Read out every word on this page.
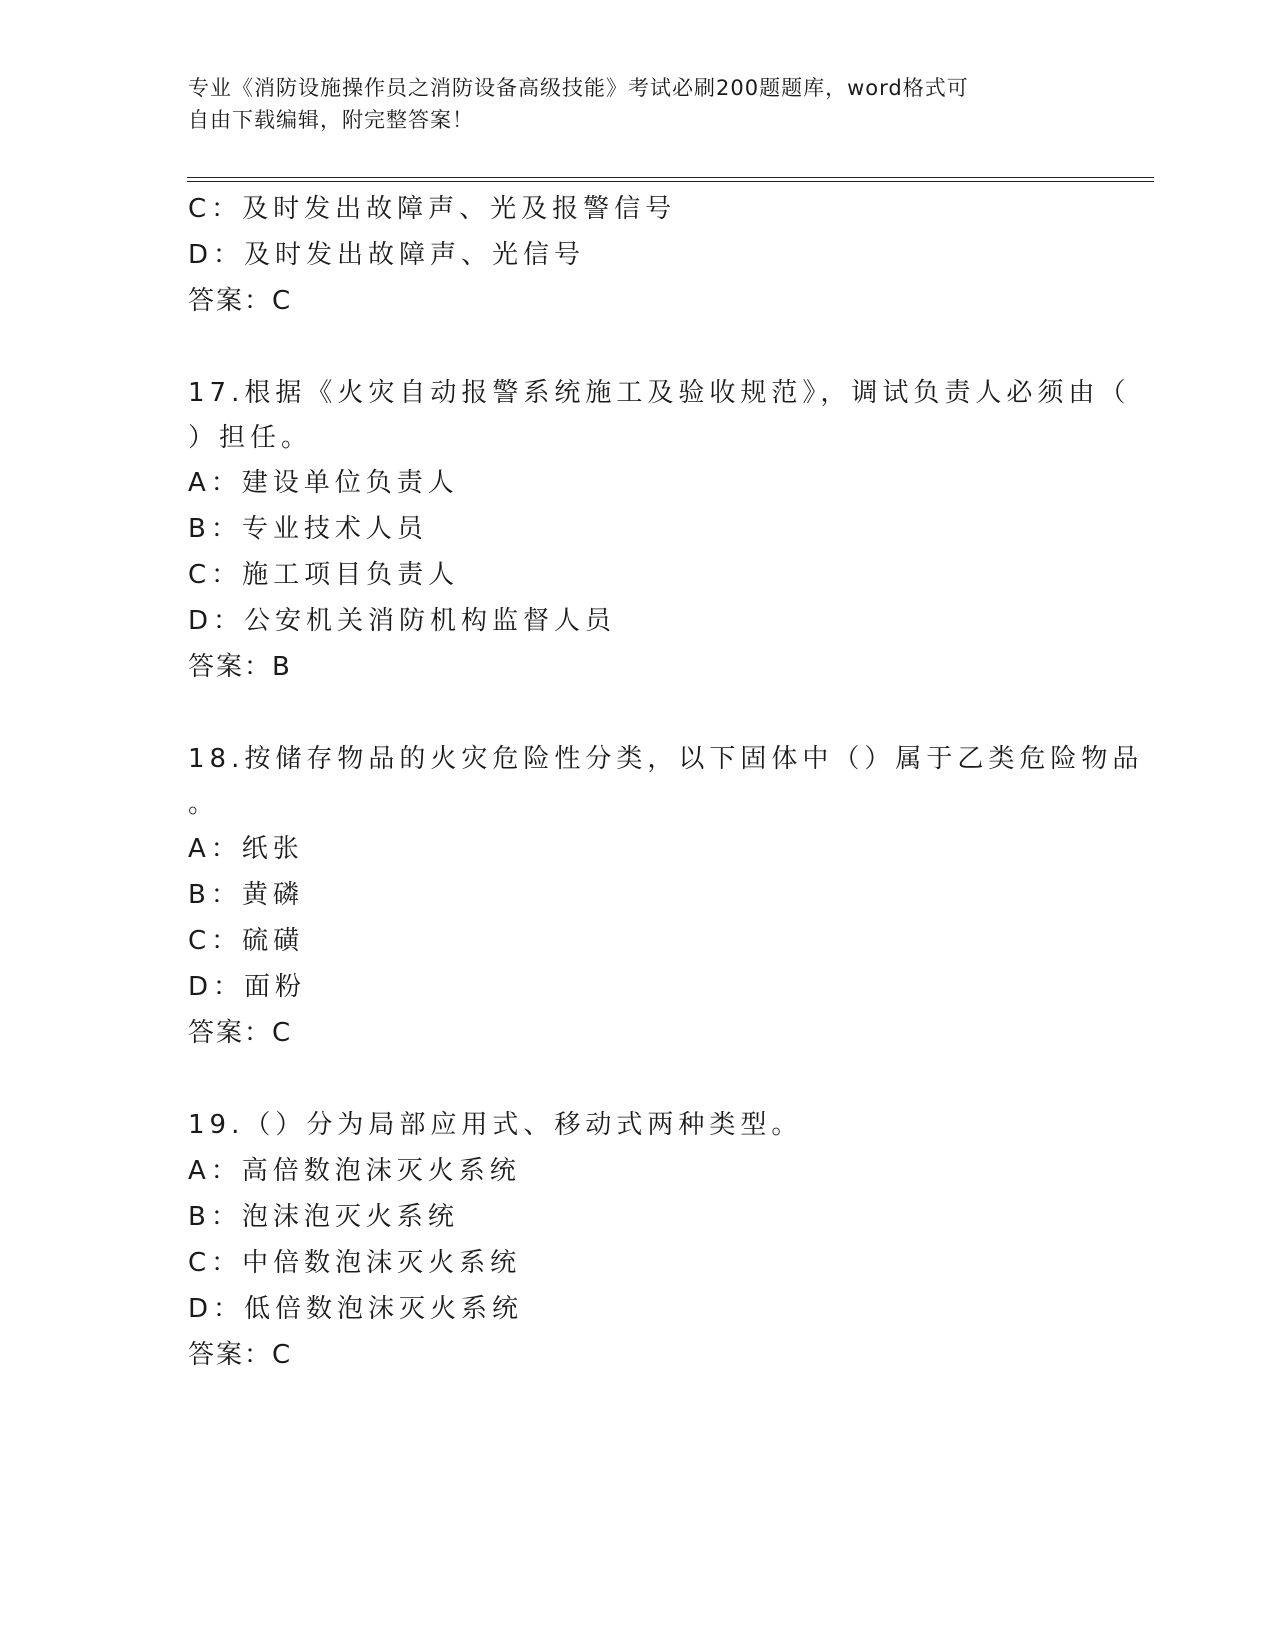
专业《消防设施操作员之消防设备高级技能》考试必刷200题题库，word格式可
自由下载编辑，附完整答案！
C：及时发出故障声、光及报警信号
D：及时发出故障声、光信号
答案：C
17.根据《火灾自动报警系统施工及验收规范》，调试负责人必须由（
）担任。
A：建设单位负责人
B：专业技术人员
C：施工项目负责人
D：公安机关消防机构监督人员
答案：B
18.按储存物品的火灾危险性分类，以下固体中（）属于乙类危险物品
。
A：纸张
B：黄磷
C：硫磺
D：面粉
答案：C
19.（）分为局部应用式、移动式两种类型。
A：高倍数泡沫灭火系统
B：泡沫泡灭火系统
C：中倍数泡沫灭火系统
D：低倍数泡沫灭火系统
答案：C
